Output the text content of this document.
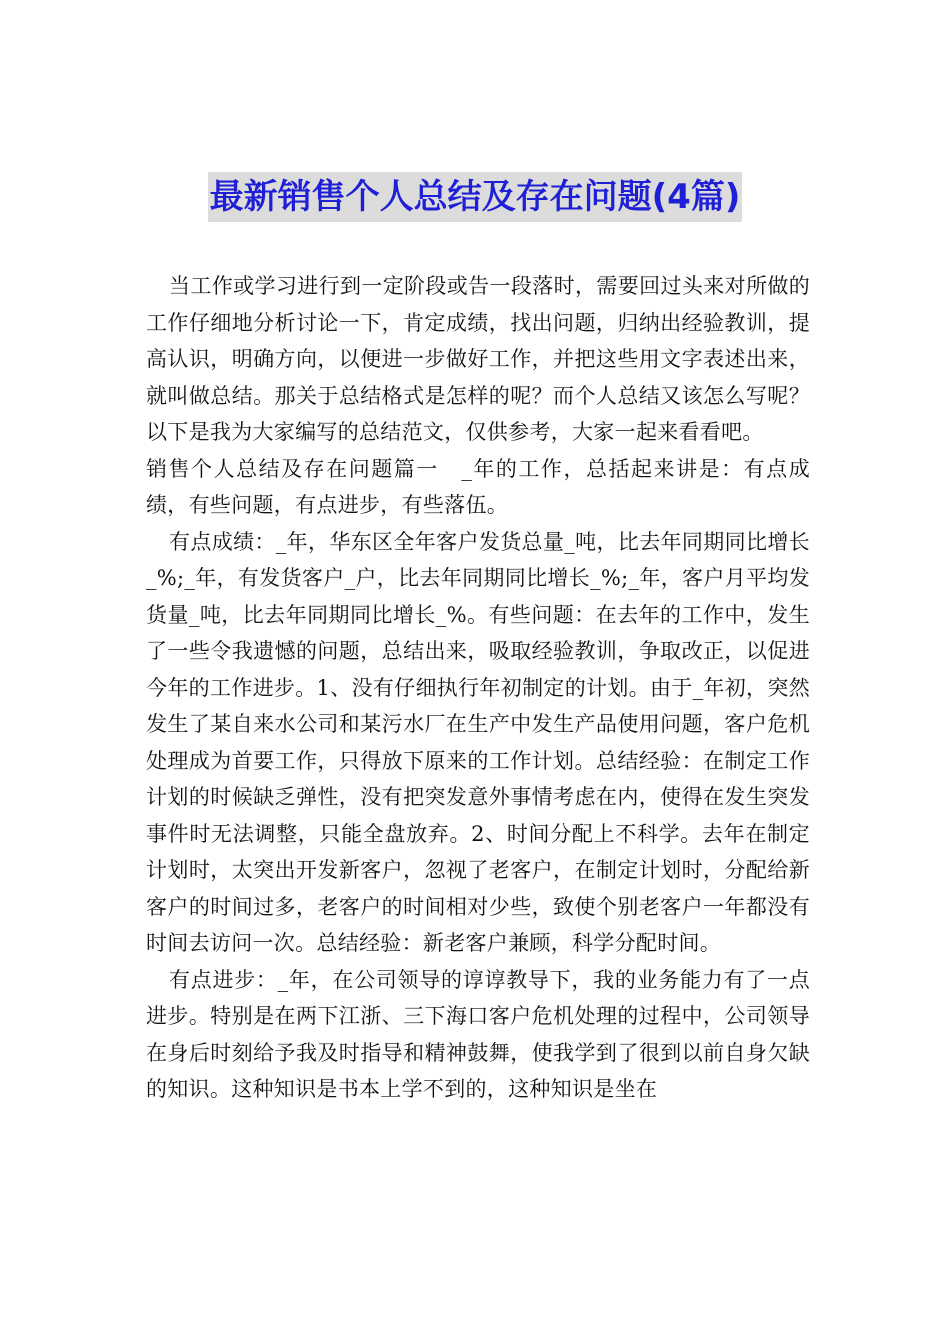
最新销售个人总结及存在问题(4篇)

当工作或学习进行到一定阶段或告一段落时，需要回过头来对所做的工作仔细地分析讨论一下，肯定成绩，找出问题，归纳出经验教训，提高认识，明确方向，以便进一步做好工作，并把这些用文字表述出来，就叫做总结。那关于总结格式是怎样的呢？而个人总结又该怎么写呢？以下是我为大家编写的总结范文，仅供参考，大家一起来看看吧。

销售个人总结及存在问题篇一　_年的工作，总括起来讲是：有点成绩，有些问题，有点进步，有些落伍。

有点成绩：_年，华东区全年客户发货总量_吨，比去年同期同比增长_%;_年，有发货客户_户，比去年同期同比增长_%;_年，客户月平均发货量_吨，比去年同期同比增长_%。有些问题：在去年的工作中，发生了一些令我遗憾的问题，总结出来，吸取经验教训，争取改正，以促进今年的工作进步。1、没有仔细执行年初制定的计划。由于_年初，突然发生了某自来水公司和某污水厂在生产中发生产品使用问题，客户危机处理成为首要工作，只得放下原来的工作计划。总结经验：在制定工作计划的时候缺乏弹性，没有把突发意外事情考虑在内，使得在发生突发事件时无法调整，只能全盘放弃。2、时间分配上不科学。去年在制定计划时，太突出开发新客户，忽视了老客户，在制定计划时，分配给新客户的时间过多，老客户的时间相对少些，致使个别老客户一年都没有时间去访问一次。总结经验：新老客户兼顾，科学分配时间。

有点进步：_年，在公司领导的谆谆教导下，我的业务能力有了一点进步。特别是在两下江浙、三下海口客户危机处理的过程中，公司领导在身后时刻给予我及时指导和精神鼓舞，使我学到了很到以前自身欠缺的知识。这种知识是书本上学不到的，这种知识是坐在
